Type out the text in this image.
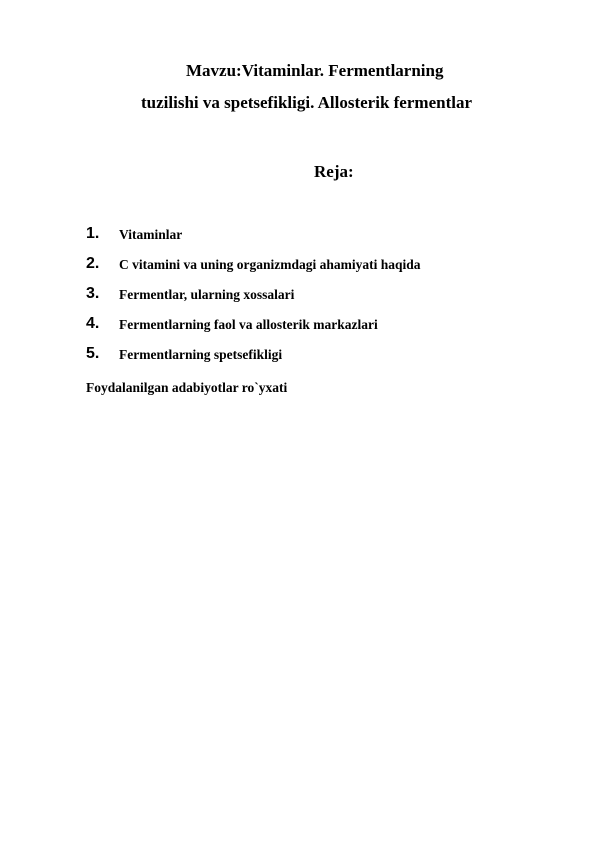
Mavzu:Vitaminlar. Fermentlarning
tuzilishi va spetsefikligi. Allosterik fermentlar
Reja:
1. Vitaminlar
2. C vitamini va uning organizmdagi ahamiyati haqida
3. Fermentlar, ularning xossalari
4. Fermentlarning faol va allosterik markazlari
5. Fermentlarning spetsefikligi
Foydalanilgan adabiyotlar ro`yxati
